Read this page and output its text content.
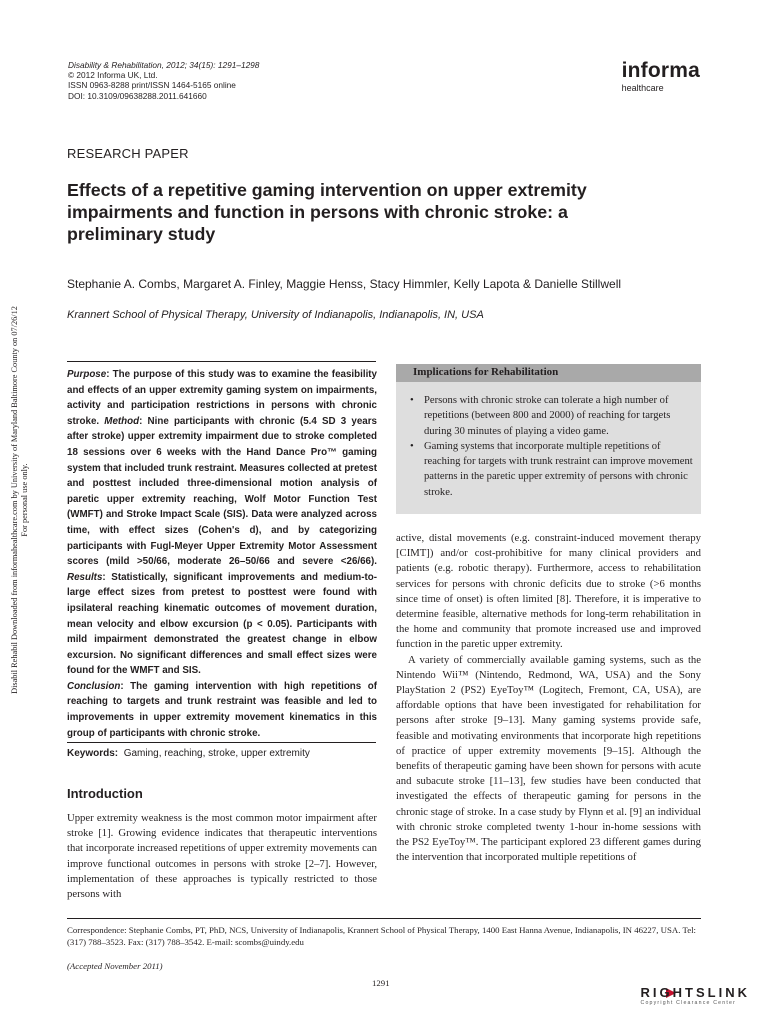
Disability & Rehabilitation, 2012; 34(15): 1291–1298
© 2012 Informa UK, Ltd.
ISSN 0963-8288 print/ISSN 1464-5165 online
DOI: 10.3109/09638288.2011.641660
informa
healthcare
RESEARCH PAPER
Effects of a repetitive gaming intervention on upper extremity impairments and function in persons with chronic stroke: a preliminary study
Stephanie A. Combs, Margaret A. Finley, Maggie Henss, Stacy Himmler, Kelly Lapota & Danielle Stillwell
Krannert School of Physical Therapy, University of Indianapolis, Indianapolis, IN, USA
Purpose: The purpose of this study was to examine the feasibility and effects of an upper extremity gaming system on impairments, activity and participation restrictions in persons with chronic stroke. Method: Nine participants with chronic (5.4 SD 3 years after stroke) upper extremity impairment due to stroke completed 18 sessions over 6 weeks with the Hand Dance Pro™ gaming system that included trunk restraint. Measures collected at pretest and posttest included three-dimensional motion analysis of paretic upper extremity reaching, Wolf Motor Function Test (WMFT) and Stroke Impact Scale (SIS). Data were analyzed across time, with effect sizes (Cohen's d), and by categorizing participants with Fugl-Meyer Upper Extremity Motor Assessment scores (mild >50/66, moderate 26–50/66 and severe <26/66). Results: Statistically, significant improvements and medium-to-large effect sizes from pretest to posttest were found with ipsilateral reaching kinematic outcomes of movement duration, mean velocity and elbow excursion (p < 0.05). Participants with mild impairment demonstrated the greatest change in elbow excursion. No significant differences and small effect sizes were found for the WMFT and SIS.
Conclusion: The gaming intervention with high repetitions of reaching to targets and trunk restraint was feasible and led to improvements in upper extremity movement kinematics in this group of participants with chronic stroke.
Keywords: Gaming, reaching, stroke, upper extremity
Implications for Rehabilitation
• Persons with chronic stroke can tolerate a high number of repetitions (between 800 and 2000) of reaching for targets during 30 minutes of playing a video game.
• Gaming systems that incorporate multiple repetitions of reaching for targets with trunk restraint can improve movement patterns in the paretic upper extremity of persons with chronic stroke.
Introduction
Upper extremity weakness is the most common motor impairment after stroke [1]. Growing evidence indicates that therapeutic interventions that incorporate increased repetitions of upper extremity movements can improve functional outcomes in persons with stroke [2–7]. However, implementation of these approaches is typically restricted to those persons with

active, distal movements (e.g. constraint-induced movement therapy [CIMT]) and/or cost-prohibitive for many clinical providers and patients (e.g. robotic therapy). Furthermore, access to rehabilitation services for persons with chronic deficits due to stroke (>6 months since time of onset) is often limited [8]. Therefore, it is imperative to determine feasible, alternative methods for long-term rehabilitation in the home and community that promote increased use and improved function in the paretic upper extremity.

A variety of commercially available gaming systems, such as the Nintendo Wii™ (Nintendo, Redmond, WA, USA) and the Sony PlayStation 2 (PS2) EyeToy™ (Logitech, Fremont, CA, USA), are affordable options that have been investigated for rehabilitation for persons after stroke [9–13]. Many gaming systems provide safe, feasible and motivating environments that incorporate high repetitions of practice of upper extremity movements [9–15]. Although the benefits of therapeutic gaming have been shown for persons with acute and subacute stroke [11–13], few studies have been conducted that investigated the effects of therapeutic gaming for persons in the chronic stage of stroke. In a case study by Flynn et al. [9] an individual with chronic stroke completed twenty 1-hour in-home sessions with the PS2 EyeToy™. The participant explored 23 different games during the intervention that incorporated multiple repetitions of

Correspondence: Stephanie Combs, PT, PhD, NCS, University of Indianapolis, Krannert School of Physical Therapy, 1400 East Hanna Avenue, Indianapolis, IN 46227, USA. Tel: (317) 788–3523. Fax: (317) 788–3542. E-mail: scombs@uindy.edu
(Accepted November 2011)
1291
Disabil Rehabil Downloaded from informahealthcare.com by University of Maryland Baltimore County on 07/26/12 For personal use only.
RIGHTSLINK
Copyright Clearance Center
